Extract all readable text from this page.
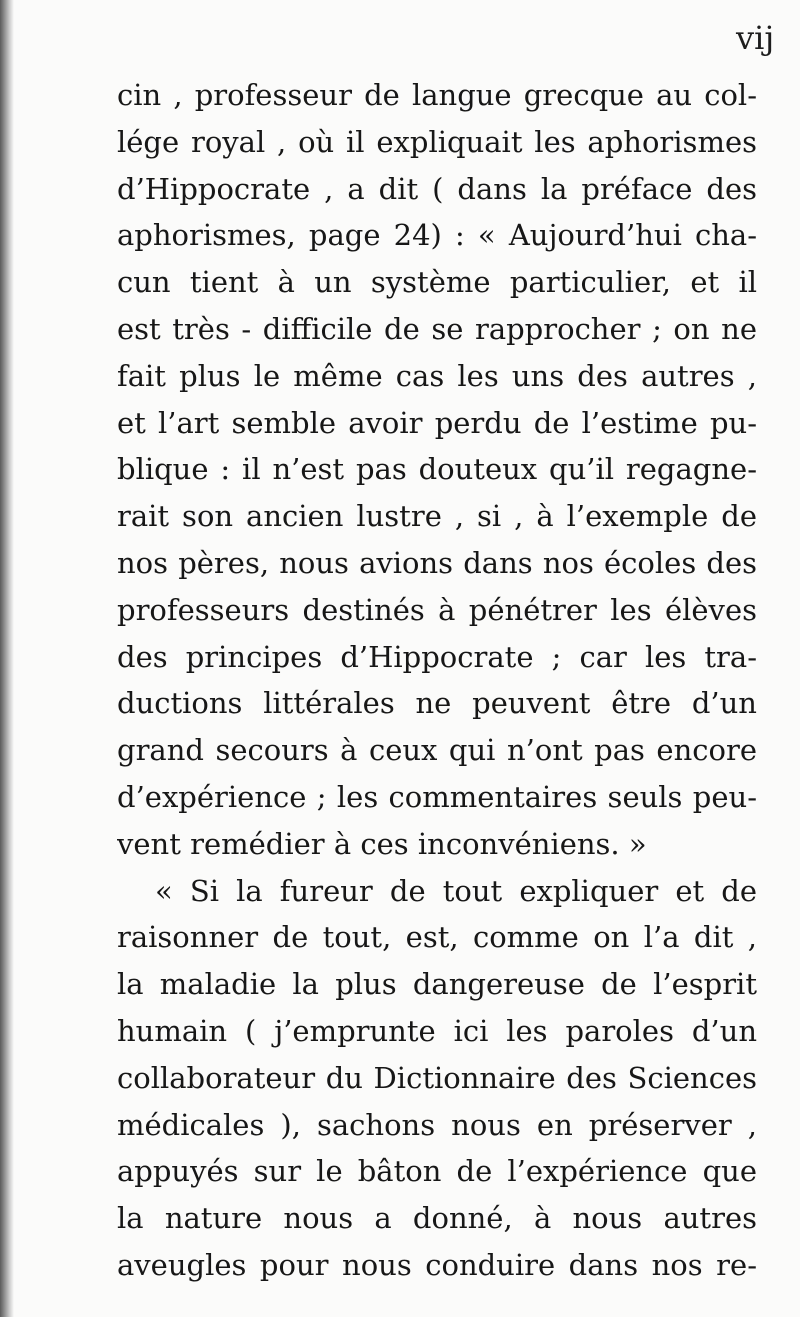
vij
cin , professeur de langue grecque au col-
lége royal , où il expliquait les aphorismes
d’Hippocrate , a dit ( dans la préface des
aphorismes, page 24) : « Aujourd’hui cha-
cun tient à un système particulier, et il
est très - difficile de se rapprocher ; on ne
fait plus le même cas les uns des autres ,
et l’art semble avoir perdu de l’estime pu-
blique : il n’est pas douteux qu’il regagne-
rait son ancien lustre , si , à l’exemple de
nos pères, nous avions dans nos écoles des
professeurs destinés à pénétrer les élèves
des principes d’Hippocrate ; car les tra-
ductions littérales ne peuvent être d’un
grand secours à ceux qui n’ont pas encore
d’expérience ; les commentaires seuls peu-
vent remédier à ces inconvéniens. »
« Si la fureur de tout expliquer et de
raisonner de tout, est, comme on l’a dit ,
la maladie la plus dangereuse de l’esprit
humain ( j’emprunte ici les paroles d’un
collaborateur du Dictionnaire des Sciences
médicales ), sachons nous en préserver ,
appuyés sur le bâton de l’expérience que
la nature nous a donné, à nous autres
aveugles pour nous conduire dans nos re-
